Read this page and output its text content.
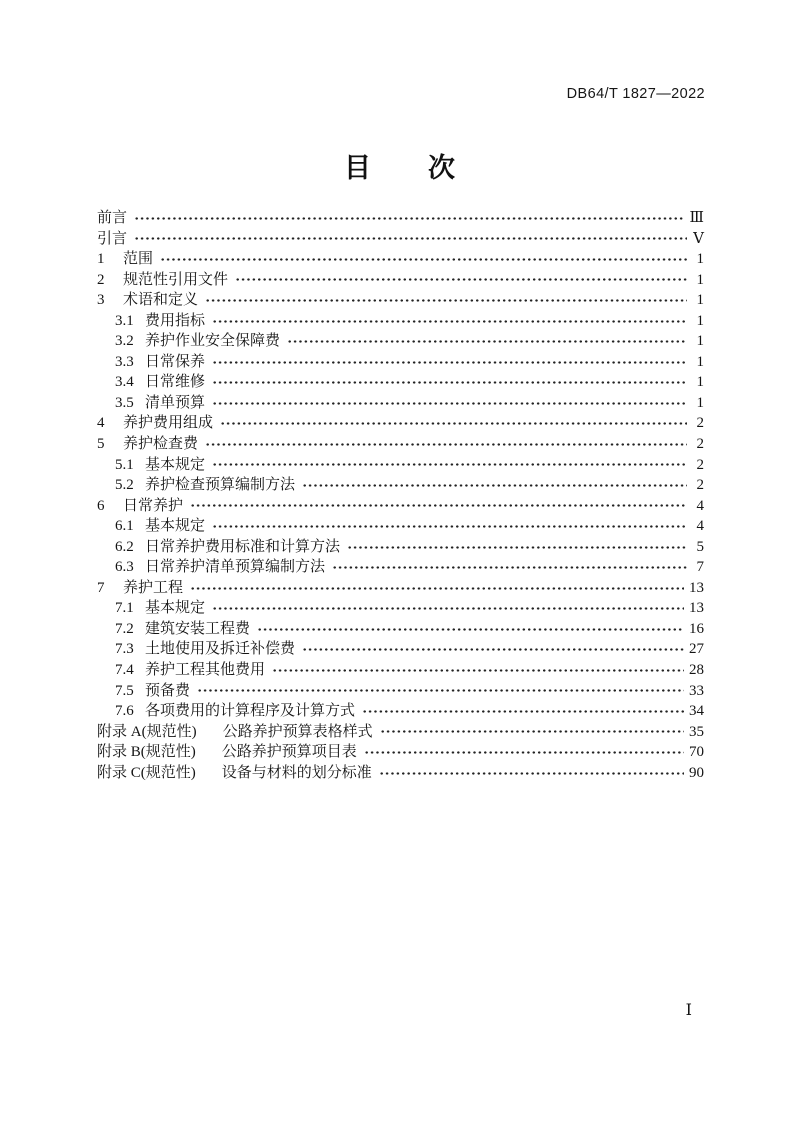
DB64/T 1827—2022
目　　次
前言	Ⅲ
引言	Ⅴ
1	范围	1
2	规范性引用文件	1
3	术语和定义	1
3.1 费用指标	1
3.2 养护作业安全保障费	1
3.3 日常保养	1
3.4 日常维修	1
3.5 清单预算	1
4	养护费用组成	2
5	养护检查费	2
5.1 基本规定	2
5.2 养护检查预算编制方法	2
6	日常养护	4
6.1 基本规定	4
6.2 日常养护费用标准和计算方法	5
6.3 日常养护清单预算编制方法	7
7	养护工程	13
7.1 基本规定	13
7.2 建筑安装工程费	16
7.3 土地使用及拆迁补偿费	27
7.4 养护工程其他费用	28
7.5 预备费	33
7.6 各项费用的计算程序及计算方式	34
附录 A(规范性) 公路养护预算表格样式	35
附录 B(规范性) 公路养护预算项目表	70
附录 C(规范性) 设备与材料的划分标准	90
Ⅰ
